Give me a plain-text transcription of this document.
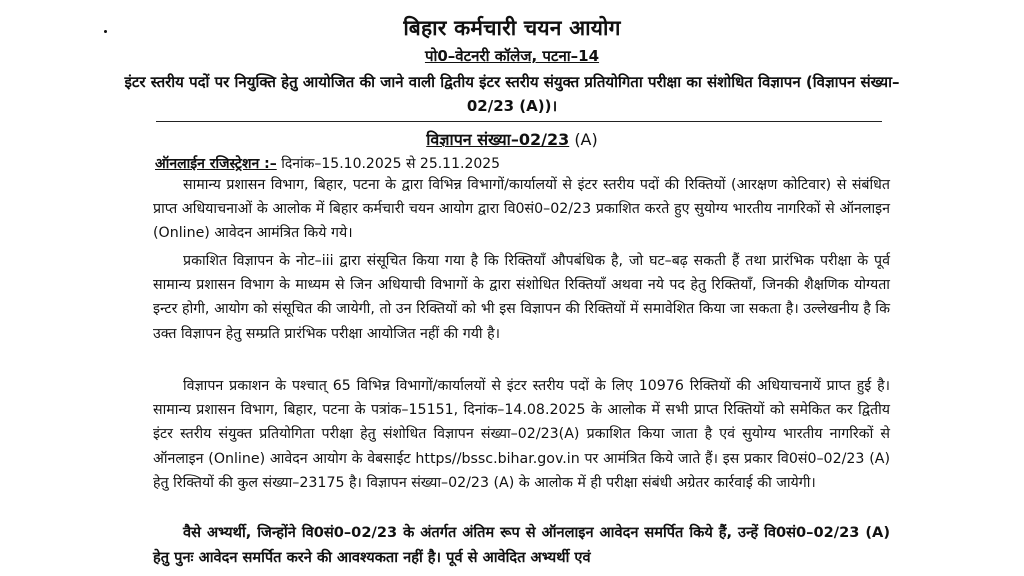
बिहार कर्मचारी चयन आयोग
पो0–वेटनरी कॉलेज, पटना–14
इंटर स्तरीय पदों पर नियुक्ति हेतु आयोजित की जाने वाली द्वितीय इंटर स्तरीय संयुक्त प्रतियोगिता परीक्षा का संशोधित विज्ञापन (विज्ञापन संख्या–02/23 (A))।
विज्ञापन संख्या–02/23 (A)
ऑनलाईन रजिस्ट्रेशन :– दिनांक–15.10.2025 से 25.11.2025
सामान्य प्रशासन विभाग, बिहार, पटना के द्वारा विभिन्न विभागों/कार्यालयों से इंटर स्तरीय पदों की रिक्तियों (आरक्षण कोटिवार) से संबंधित प्राप्त अधियाचनाओं के आलोक में बिहार कर्मचारी चयन आयोग द्वारा वि0सं0–02/23 प्रकाशित करते हुए सुयोग्य भारतीय नागरिकों से ऑनलाइन (Online) आवेदन आमंत्रित किये गये।
प्रकाशित विज्ञापन के नोट–iii द्वारा संसूचित किया गया है कि रिक्तियाँ औपबंधिक है, जो घट–बढ़ सकती हैं तथा प्रारंभिक परीक्षा के पूर्व सामान्य प्रशासन विभाग के माध्यम से जिन अधियाची विभागों के द्वारा संशोधित रिक्तियाँ अथवा नये पद हेतु रिक्तियाँ, जिनकी शैक्षणिक योग्यता इन्टर होगी, आयोग को संसूचित की जायेगी, तो उन रिक्तियों को भी इस विज्ञापन की रिक्तियों में समावेशित किया जा सकता है। उल्लेखनीय है कि उक्त विज्ञापन हेतु सम्प्रति प्रारंभिक परीक्षा आयोजित नहीं की गयी है।
विज्ञापन प्रकाशन के पश्चात् 65 विभिन्न विभागों/कार्यालयों से इंटर स्तरीय पदों के लिए 10976 रिक्तियों की अधियाचनायें प्राप्त हुई है। सामान्य प्रशासन विभाग, बिहार, पटना के पत्रांक–15151, दिनांक–14.08.2025 के आलोक में सभी प्राप्त रिक्तियों को समेकित कर द्वितीय इंटर स्तरीय संयुक्त प्रतियोगिता परीक्षा हेतु संशोधित विज्ञापन संख्या–02/23(A) प्रकाशित किया जाता है एवं सुयोग्य भारतीय नागरिकों से ऑनलाइन (Online) आवेदन आयोग के वेबसाईट https//bssc.bihar.gov.in पर आमंत्रित किये जाते हैं। इस प्रकार वि0सं0–02/23 (A) हेतु रिक्तियों की कुल संख्या–23175 है। विज्ञापन संख्या–02/23 (A) के आलोक में ही परीक्षा संबंधी अग्रेतर कार्रवाई की जायेगी।
वैसे अभ्यर्थी, जिन्होंने वि0सं0–02/23 के अंतर्गत अंतिम रूप से ऑनलाइन आवेदन समर्पित किये हैं, उन्हें वि0सं0–02/23 (A) हेतु पुनः आवेदन समर्पित करने की आवश्यकता नहीं है। पूर्व से आवेदित अभ्यर्थी एवं
